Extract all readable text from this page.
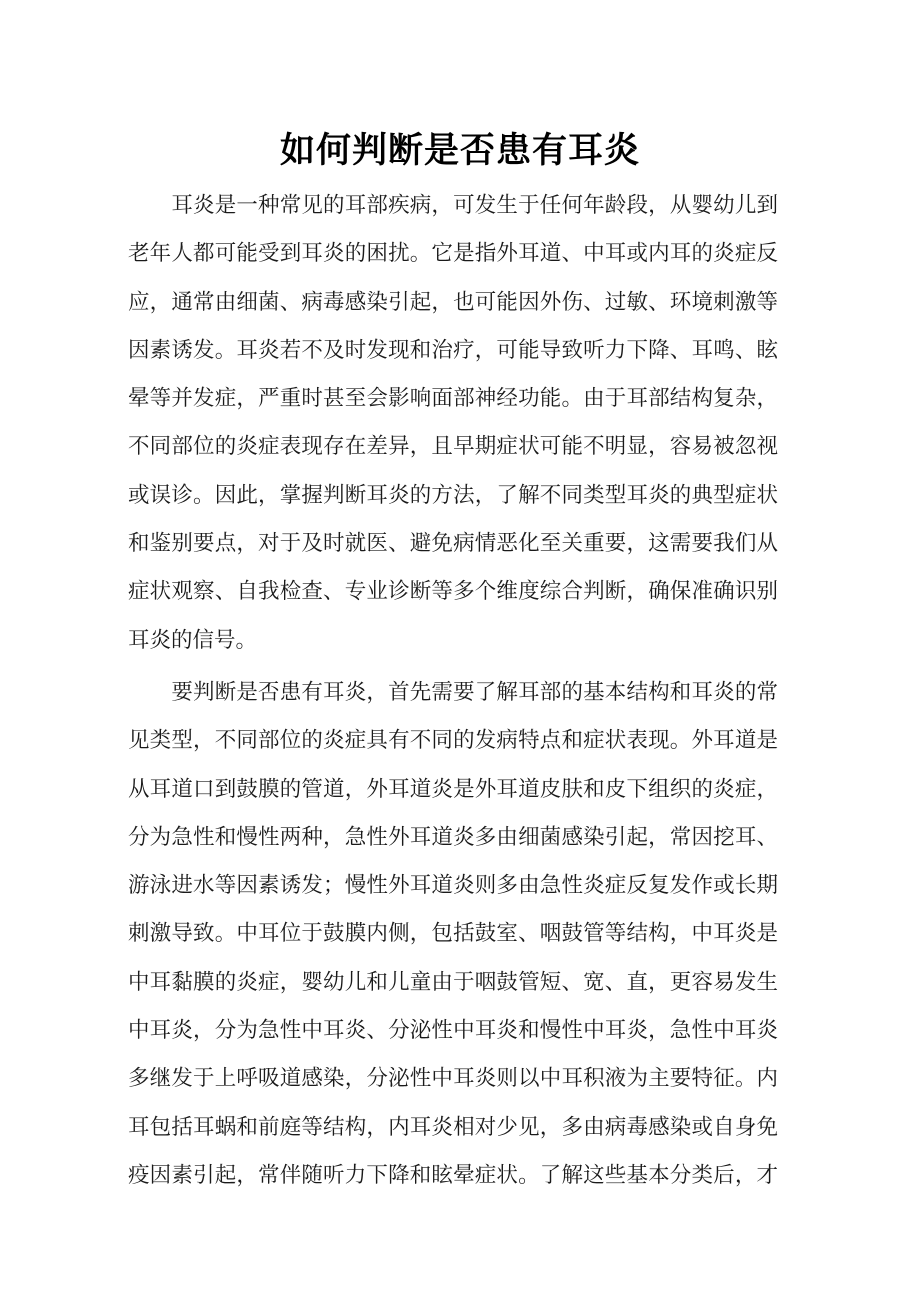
如何判断是否患有耳炎
　　耳炎是一种常见的耳部疾病，可发生于任何年龄段，从婴幼儿到
老年人都可能受到耳炎的困扰。它是指外耳道、中耳或内耳的炎症反
应，通常由细菌、病毒感染引起，也可能因外伤、过敏、环境刺激等
因素诱发。耳炎若不及时发现和治疗，可能导致听力下降、耳鸣、眩
晕等并发症，严重时甚至会影响面部神经功能。由于耳部结构复杂，
不同部位的炎症表现存在差异，且早期症状可能不明显，容易被忽视
或误诊。因此，掌握判断耳炎的方法，了解不同类型耳炎的典型症状
和鉴别要点，对于及时就医、避免病情恶化至关重要，这需要我们从
症状观察、自我检查、专业诊断等多个维度综合判断，确保准确识别
耳炎的信号。
　　要判断是否患有耳炎，首先需要了解耳部的基本结构和耳炎的常
见类型，不同部位的炎症具有不同的发病特点和症状表现。外耳道是
从耳道口到鼓膜的管道，外耳道炎是外耳道皮肤和皮下组织的炎症，
分为急性和慢性两种，急性外耳道炎多由细菌感染引起，常因挖耳、
游泳进水等因素诱发；慢性外耳道炎则多由急性炎症反复发作或长期
刺激导致。中耳位于鼓膜内侧，包括鼓室、咽鼓管等结构，中耳炎是
中耳黏膜的炎症，婴幼儿和儿童由于咽鼓管短、宽、直，更容易发生
中耳炎，分为急性中耳炎、分泌性中耳炎和慢性中耳炎，急性中耳炎
多继发于上呼吸道感染，分泌性中耳炎则以中耳积液为主要特征。内
耳包括耳蜗和前庭等结构，内耳炎相对少见，多由病毒感染或自身免
疫因素引起，常伴随听力下降和眩晕症状。了解这些基本分类后，才
